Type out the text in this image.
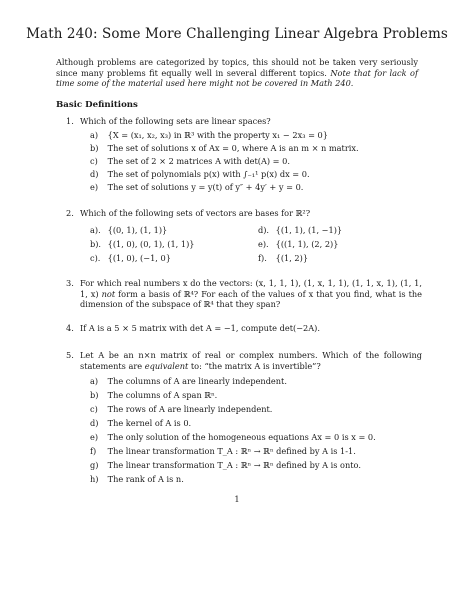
Math 240: Some More Challenging Linear Algebra Problems
Although problems are categorized by topics, this should not be taken very seriously since many problems fit equally well in several different topics. Note that for lack of time some of the material used here might not be covered in Math 240.
Basic Definitions
1. Which of the following sets are linear spaces?
a) {X = (x₁, x₂, x₃) in ℝ³ with the property x₁ − 2x₃ = 0}
b) The set of solutions x of Ax = 0, where A is an m × n matrix.
c) The set of 2 × 2 matrices A with det(A) = 0.
d) The set of polynomials p(x) with ∫₋₁¹ p(x) dx = 0.
e) The set of solutions y = y(t) of y″ + 4y′ + y = 0.
2. Which of the following sets of vectors are bases for ℝ²?
a). {(0, 1), (1, 1)}
b). {(1, 0), (0, 1), (1, 1)}
c). {(1, 0), (−1, 0}
d). {(1, 1), (1, −1)}
e). {((1, 1), (2, 2)}
f). {(1, 2)}
3. For which real numbers x do the vectors: (x, 1, 1, 1), (1, x, 1, 1), (1, 1, x, 1), (1, 1, 1, x) not form a basis of ℝ⁴? For each of the values of x that you find, what is the dimension of the subspace of ℝ⁴ that they span?
4. If A is a 5 × 5 matrix with det A = −1, compute det(−2A).
5. Let A be an n×n matrix of real or complex numbers. Which of the following statements are equivalent to: “the matrix A is invertible”?
a) The columns of A are linearly independent.
b) The columns of A span ℝⁿ.
c) The rows of A are linearly independent.
d) The kernel of A is 0.
e) The only solution of the homogeneous equations Ax = 0 is x = 0.
f) The linear transformation T_A : ℝⁿ → ℝⁿ defined by A is 1-1.
g) The linear transformation T_A : ℝⁿ → ℝⁿ defined by A is onto.
h) The rank of A is n.
1
